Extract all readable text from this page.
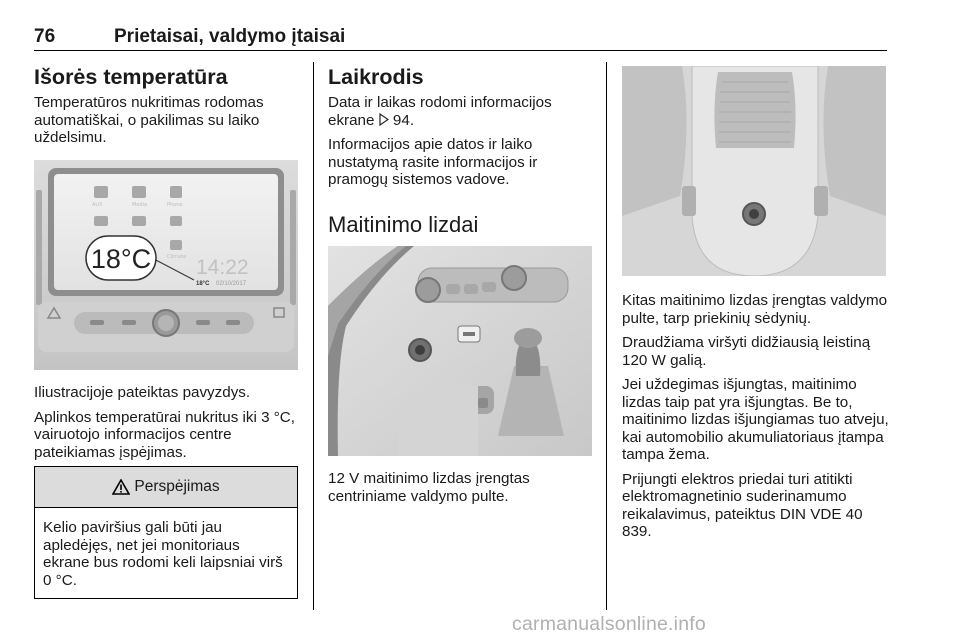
76	Prietaisai, valdymo įtaisai
Išorės temperatūra

Temperatūros nukritimas rodomas automatiškai, o pakilimas su laiko uždelsimu.

AUX	Media	Phone
Climate
18°C 14:22
18°C 02/10/2017

Iliustracijoje pateiktas pavyzdys.

Aplinkos temperatūrai nukritus iki 3 °C, vairuotojo informacijos centre pateikiamas įspėjimas.

Perspėjimas
Kelio paviršius gali būti jau apledėjęs, net jei monitoriaus ekrane bus rodomi keli laipsniai virš 0 °C.
Laikrodis

Data ir laikas rodomi informacijos ekrane 94.

Informacijos apie datos ir laiko nustatymą rasite informacijos ir pramogų sistemos vadove.

Maitinimo lizdai

12 V maitinimo lizdas įrengtas centriniame valdymo pulte.

Kitas maitinimo lizdas įrengtas valdymo pulte, tarp priekinių sėdynių.

Draudžiama viršyti didžiausią leistiną 120 W galią.

Jei uždegimas išjungtas, maitinimo lizdas taip pat yra išjungtas. Be to, maitinimo lizdas išjungiamas tuo atveju, kai automobilio akumuliatoriaus įtampa tampa žema.

Prijungti elektros priedai turi atitikti elektromagnetinio suderinamumo reikalavimus, pateiktus DIN VDE 40 839.

carmanualsonline.info
